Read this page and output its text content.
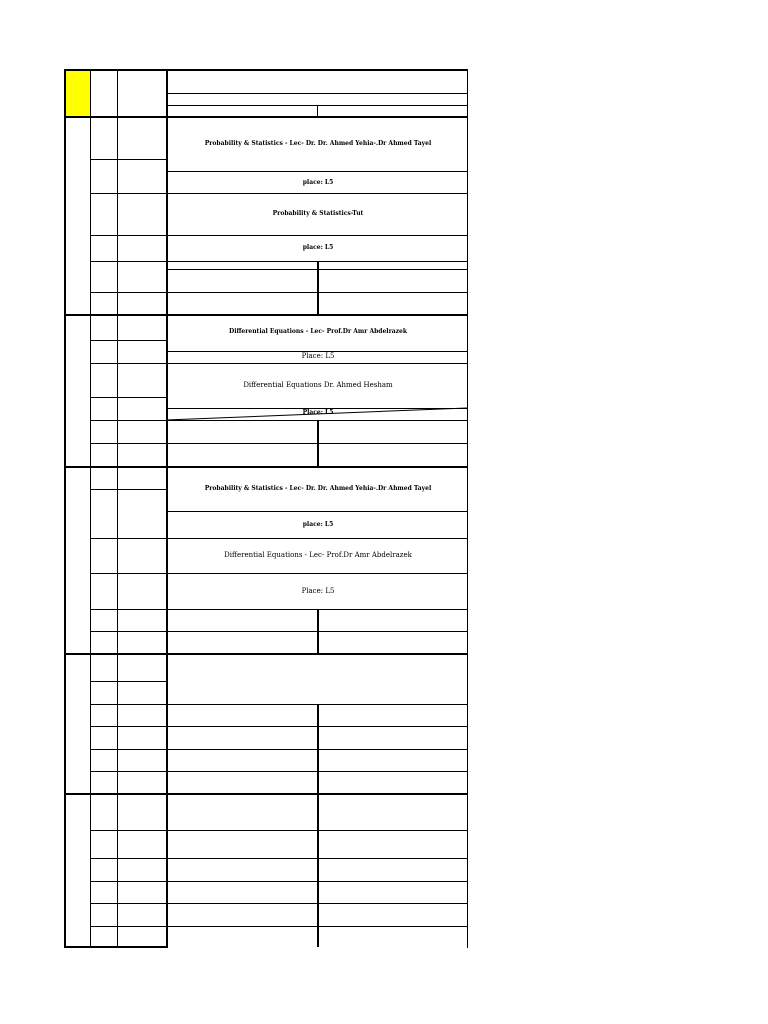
Probability & Statistics - Lec- Dr. Dr. Ahmed Yehia-.Dr Ahmed Tayel
place: L5
Probability & Statistics-Tut
place: L5
Differential Equations - Lec- Prof.Dr Amr Abdelrazek
Place: L5
Differential Equations Dr. Ahmed Hesham
Place: L5
Probability & Statistics - Lec- Dr. Dr. Ahmed Yehia-.Dr Ahmed Tayel
place: L5
Differential Equations - Lec- Prof.Dr Amr Abdelrazek
Place: L5
